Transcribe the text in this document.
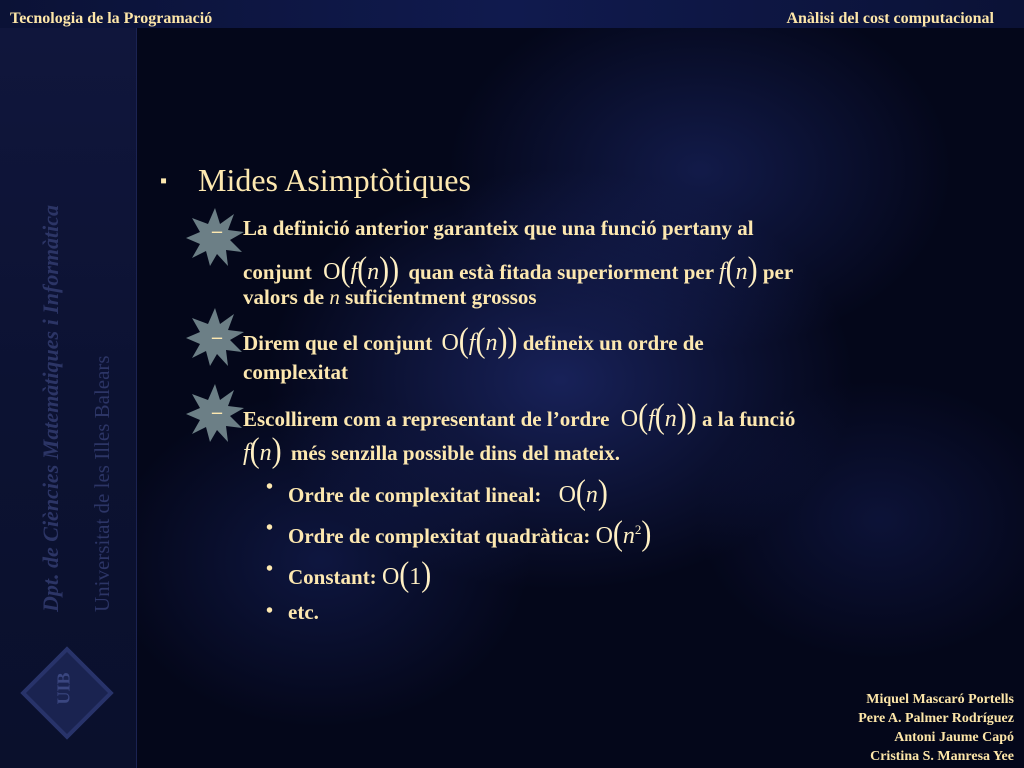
Tecnologia de la Programació	Anàlisi del cost computacional
Dpt. de Ciències Matemàtiques i Informàtica Universitat de les Illes Balears
UIB
▪ Mides Asimptòtiques
–
–
–
La definició anterior garanteix que una funció pertany al
conjunt O(f(n)) quan està fitada superiorment per f(n) per
valors de n suficientment grossos
Direm que el conjunt O(f(n)) defineix un ordre de
complexitat
Escollirem com a representant de l’ordre O(f(n)) a la funció
f(n) més senzilla possible dins del mateix.
• Ordre de complexitat lineal: O(n)
• Ordre de complexitat quadràtica: $O(n^2)$
• Constant: O(1)
• etc.
Miquel Mascaró Portells
Pere A. Palmer Rodríguez
Antoni Jaume Capó
Cristina S. Manresa Yee
